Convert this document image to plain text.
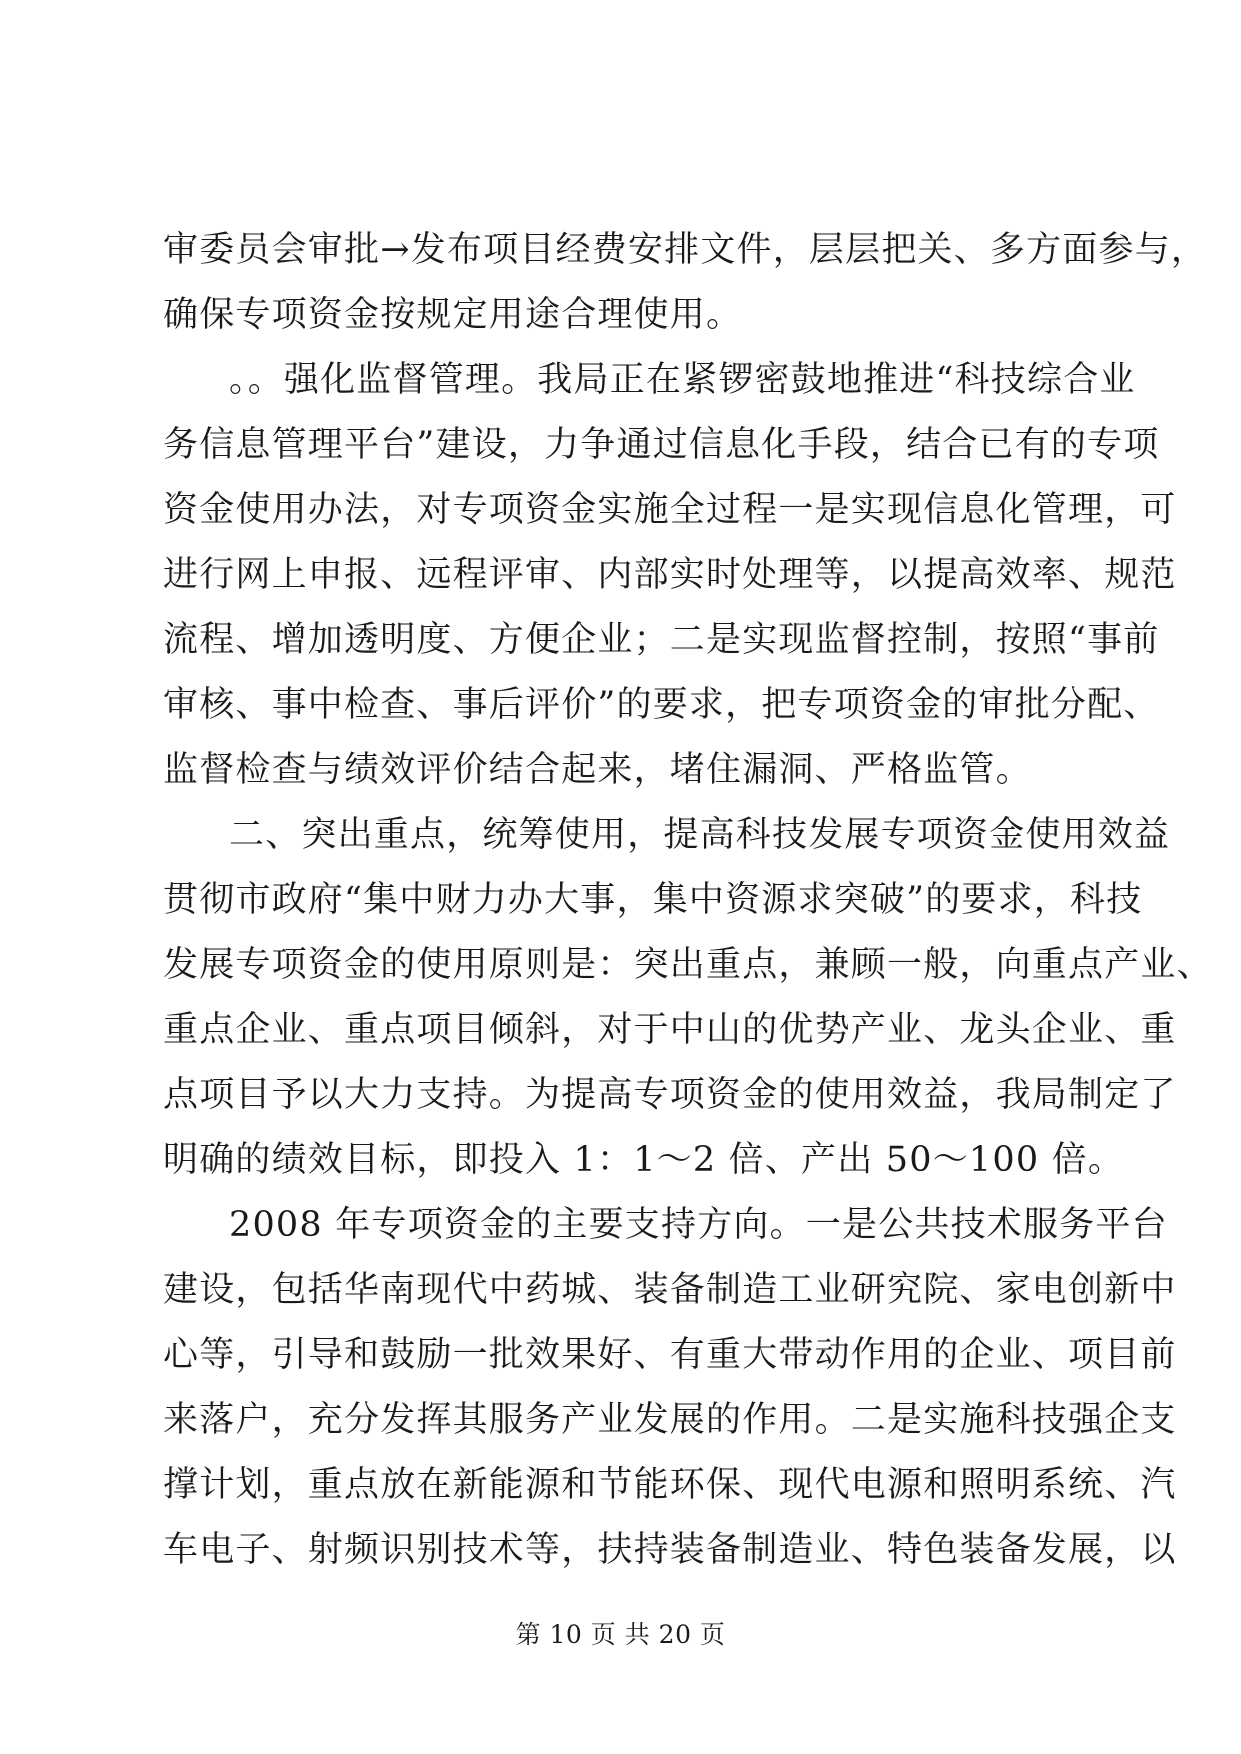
审委员会审批→发布项目经费安排文件，层层把关、多方面参与，
确保专项资金按规定用途合理使用。
。。强化监督管理。我局正在紧锣密鼓地推进“科技综合业
务信息管理平台”建设，力争通过信息化手段，结合已有的专项
资金使用办法，对专项资金实施全过程一是实现信息化管理，可
进行网上申报、远程评审、内部实时处理等，以提高效率、规范
流程、增加透明度、方便企业；二是实现监督控制，按照“事前
审核、事中检查、事后评价”的要求，把专项资金的审批分配、
监督检查与绩效评价结合起来，堵住漏洞、严格监管。
二、突出重点，统筹使用，提高科技发展专项资金使用效益
贯彻市政府“集中财力办大事，集中资源求突破”的要求，科技
发展专项资金的使用原则是：突出重点，兼顾一般，向重点产业、
重点企业、重点项目倾斜，对于中山的优势产业、龙头企业、重
点项目予以大力支持。为提高专项资金的使用效益，我局制定了
明确的绩效目标，即投入 1：1～2 倍、产出 50～100 倍。
2008 年专项资金的主要支持方向。一是公共技术服务平台
建设，包括华南现代中药城、装备制造工业研究院、家电创新中
心等，引导和鼓励一批效果好、有重大带动作用的企业、项目前
来落户，充分发挥其服务产业发展的作用。二是实施科技强企支
撑计划，重点放在新能源和节能环保、现代电源和照明系统、汽
车电子、射频识别技术等，扶持装备制造业、特色装备发展，以
第 10 页 共 20 页
